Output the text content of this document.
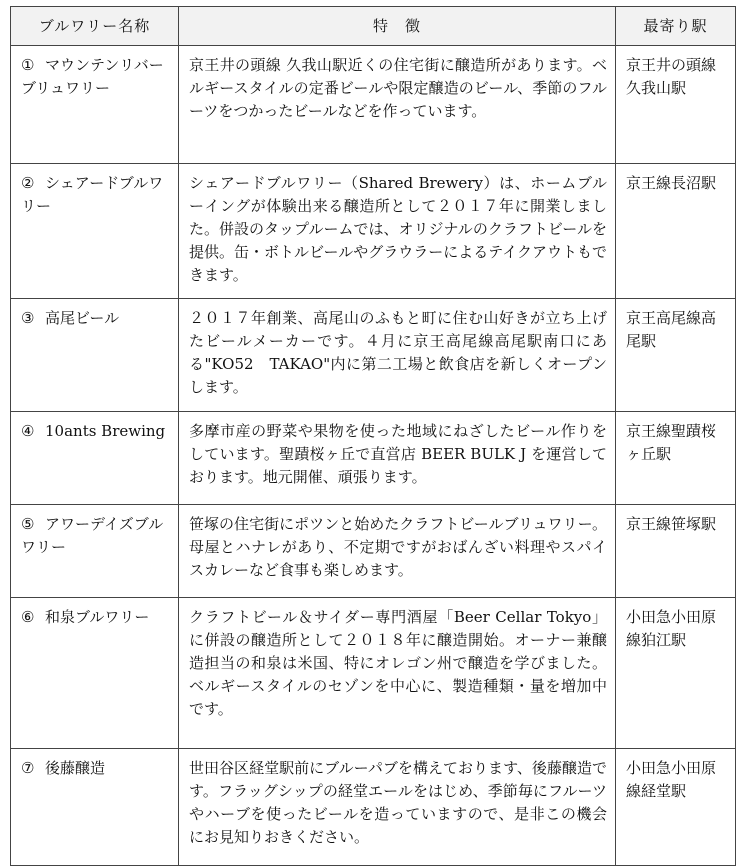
ブルワリー名称	特　徴	最寄り駅
① マウンテンリバーブリュワリー	京王井の頭線 久我山駅近くの住宅街に醸造所があります。ベルギースタイルの定番ビールや限定醸造のビール、季節のフルーツをつかったビールなどを作っています。	京王井の頭線久我山駅
② シェアードブルワリー	シェアードブルワリー（Shared Brewery）は、ホームブルーイングが体験出来る醸造所として２０１７年に開業しました。併設のタップルームでは、オリジナルのクラフトビールを提供。缶・ボトルビールやグラウラーによるテイクアウトもできます。	京王線長沼駅
③ 高尾ビール	２０１７年創業、高尾山のふもと町に住む山好きが立ち上げたビールメーカーです。４月に京王高尾線高尾駅南口にある"KO52　TAKAO"内に第二工場と飲食店を新しくオープンします。	京王高尾線高尾駅
④ 10ants Brewing	多摩市産の野菜や果物を使った地域にねざしたビール作りをしています。聖蹟桜ヶ丘で直営店 BEER BULK J を運営しております。地元開催、頑張ります。	京王線聖蹟桜ヶ丘駅
⑤ アワーデイズブルワリー	笹塚の住宅街にポツンと始めたクラフトビールブリュワリー。母屋とハナレがあり、不定期ですがおばんざい料理やスパイスカレーなど食事も楽しめます。	京王線笹塚駅
⑥ 和泉ブルワリー	クラフトビール＆サイダー専門酒屋「Beer Cellar Tokyo」に併設の醸造所として２０１８年に醸造開始。オーナー兼醸造担当の和泉は米国、特にオレゴン州で醸造を学びました。ベルギースタイルのセゾンを中心に、製造種類・量を増加中です。	小田急小田原線狛江駅
⑦ 後藤醸造	世田谷区経堂駅前にブルーパブを構えております、後藤醸造です。フラッグシップの経堂エールをはじめ、季節毎にフルーツやハーブを使ったビールを造っていますので、是非この機会にお見知りおきください。	小田急小田原線経堂駅
